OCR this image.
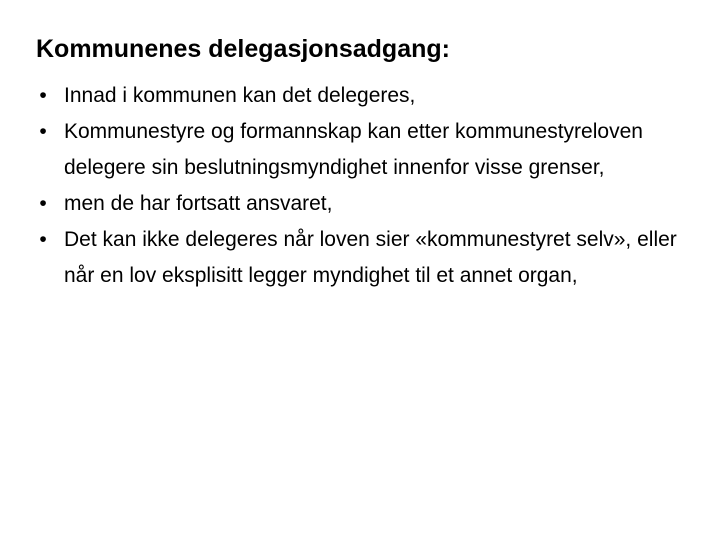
Kommunenes delegasjonsadgang:
• Innad i kommunen kan det delegeres,
• Kommunestyre og formannskap kan etter kommunestyreloven delegere sin beslutningsmyndighet innenfor visse grenser,
• men de har fortsatt ansvaret,
• Det kan ikke delegeres når loven sier «kommunestyret selv», eller når en lov eksplisitt legger myndighet til et annet organ,
